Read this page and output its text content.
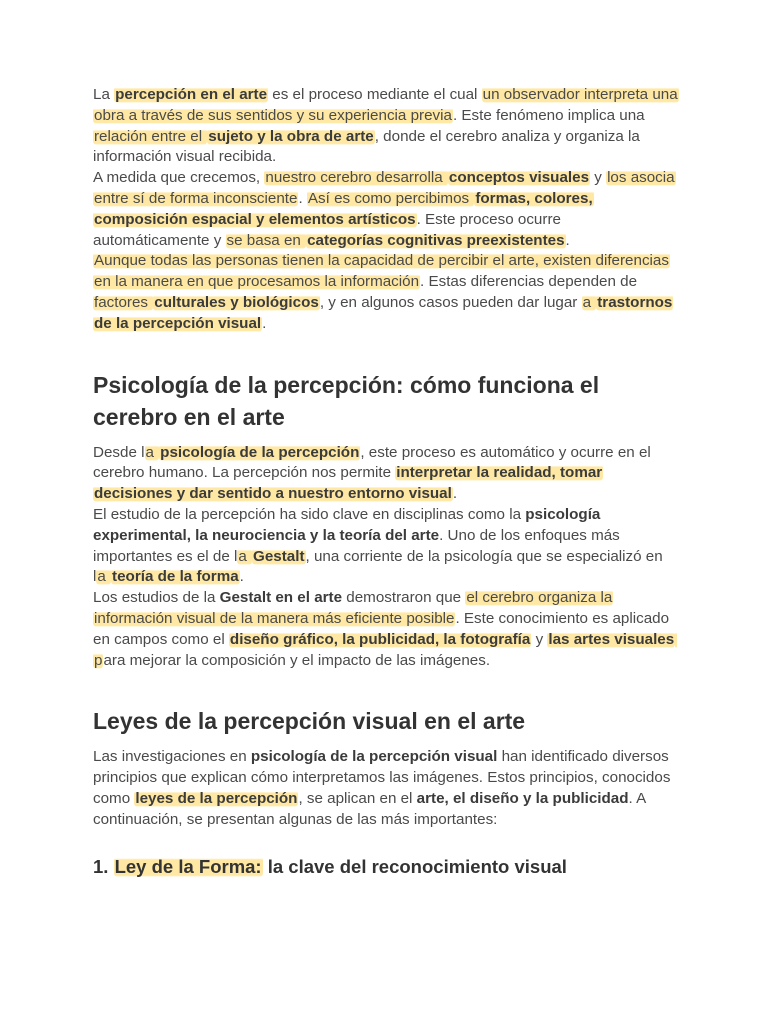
La percepción en el arte es el proceso mediante el cual un observador interpreta una obra a través de sus sentidos y su experiencia previa. Este fenómeno implica una relación entre el sujeto y la obra de arte, donde el cerebro analiza y organiza la información visual recibida.
A medida que crecemos, nuestro cerebro desarrolla conceptos visuales y los asocia entre sí de forma inconsciente. Así es como percibimos formas, colores, composición espacial y elementos artísticos. Este proceso ocurre automáticamente y se basa en categorías cognitivas preexistentes.
Aunque todas las personas tienen la capacidad de percibir el arte, existen diferencias en la manera en que procesamos la información. Estas diferencias dependen de factores culturales y biológicos, y en algunos casos pueden dar lugar a trastornos de la percepción visual.

Psicología de la percepción: cómo funciona el cerebro en el arte

Desde la psicología de la percepción, este proceso es automático y ocurre en el cerebro humano. La percepción nos permite interpretar la realidad, tomar decisiones y dar sentido a nuestro entorno visual.
El estudio de la percepción ha sido clave en disciplinas como la psicología experimental, la neurociencia y la teoría del arte. Uno de los enfoques más importantes es el de la Gestalt, una corriente de la psicología que se especializó en la teoría de la forma.
Los estudios de la Gestalt en el arte demostraron que el cerebro organiza la información visual de la manera más eficiente posible. Este conocimiento es aplicado en campos como el diseño gráfico, la publicidad, la fotografía y las artes visuales para mejorar la composición y el impacto de las imágenes.

Leyes de la percepción visual en el arte

Las investigaciones en psicología de la percepción visual han identificado diversos principios que explican cómo interpretamos las imágenes. Estos principios, conocidos como leyes de la percepción, se aplican en el arte, el diseño y la publicidad. A continuación, se presentan algunas de las más importantes:

1. Ley de la Forma: la clave del reconocimiento visual
